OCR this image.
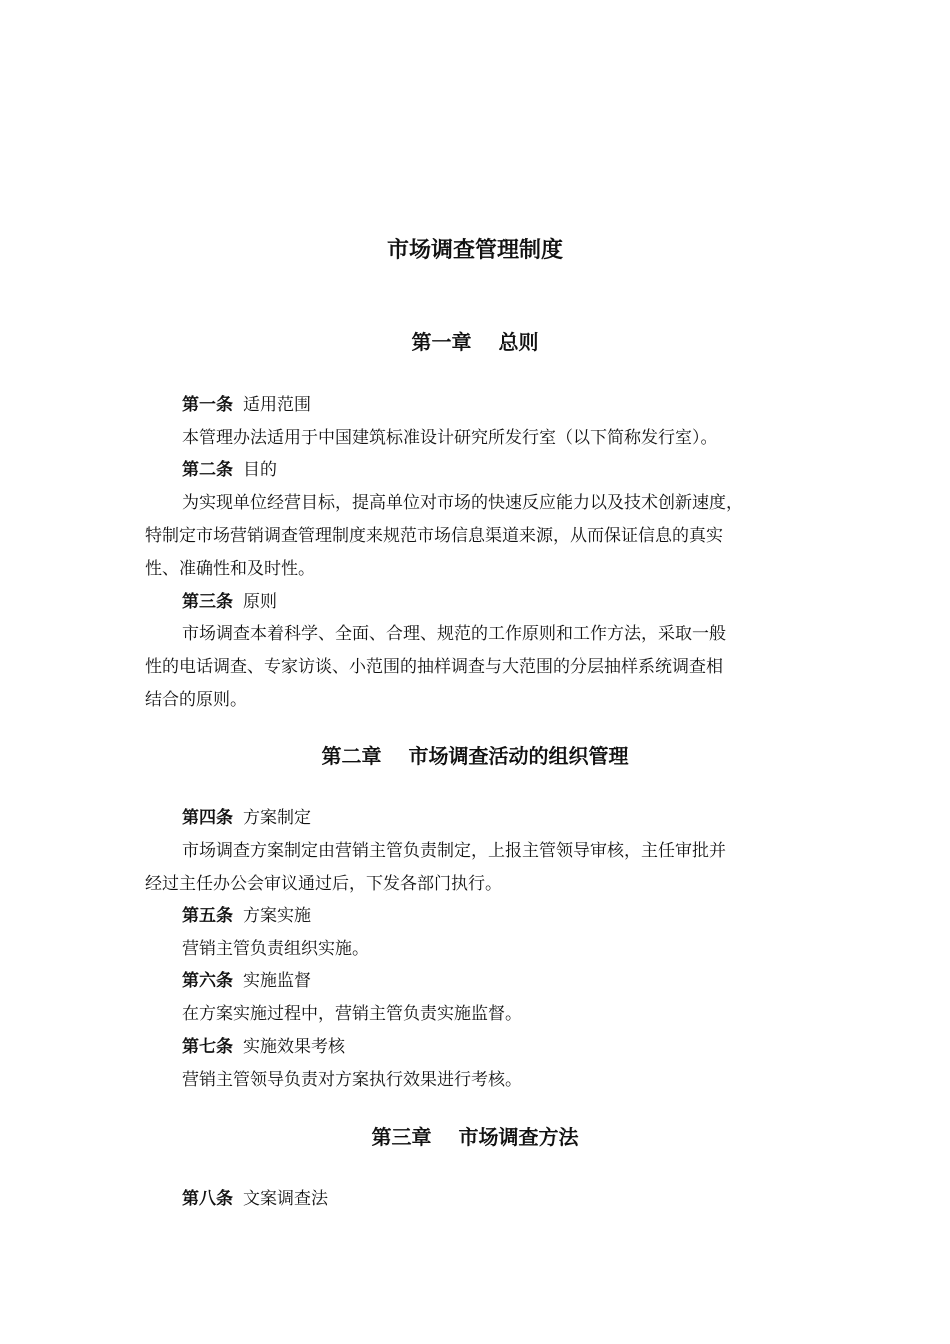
市场调查管理制度
第一章　 总则
第一条 适用范围
本管理办法适用于中国建筑标准设计研究所发行室（以下简称发行室）。
第二条 目的
为实现单位经营目标，提高单位对市场的快速反应能力以及技术创新速度，
特制定市场营销调查管理制度来规范市场信息渠道来源，从而保证信息的真实
性、准确性和及时性。
第三条 原则
市场调查本着科学、全面、合理、规范的工作原则和工作方法，采取一般
性的电话调查、专家访谈、小范围的抽样调查与大范围的分层抽样系统调查相
结合的原则。
第二章　 市场调查活动的组织管理
第四条 方案制定
市场调查方案制定由营销主管负责制定，上报主管领导审核，主任审批并
经过主任办公会审议通过后，下发各部门执行。
第五条 方案实施
营销主管负责组织实施。
第六条 实施监督
在方案实施过程中，营销主管负责实施监督。
第七条 实施效果考核
营销主管领导负责对方案执行效果进行考核。
第三章　 市场调查方法
第八条 文案调查法
